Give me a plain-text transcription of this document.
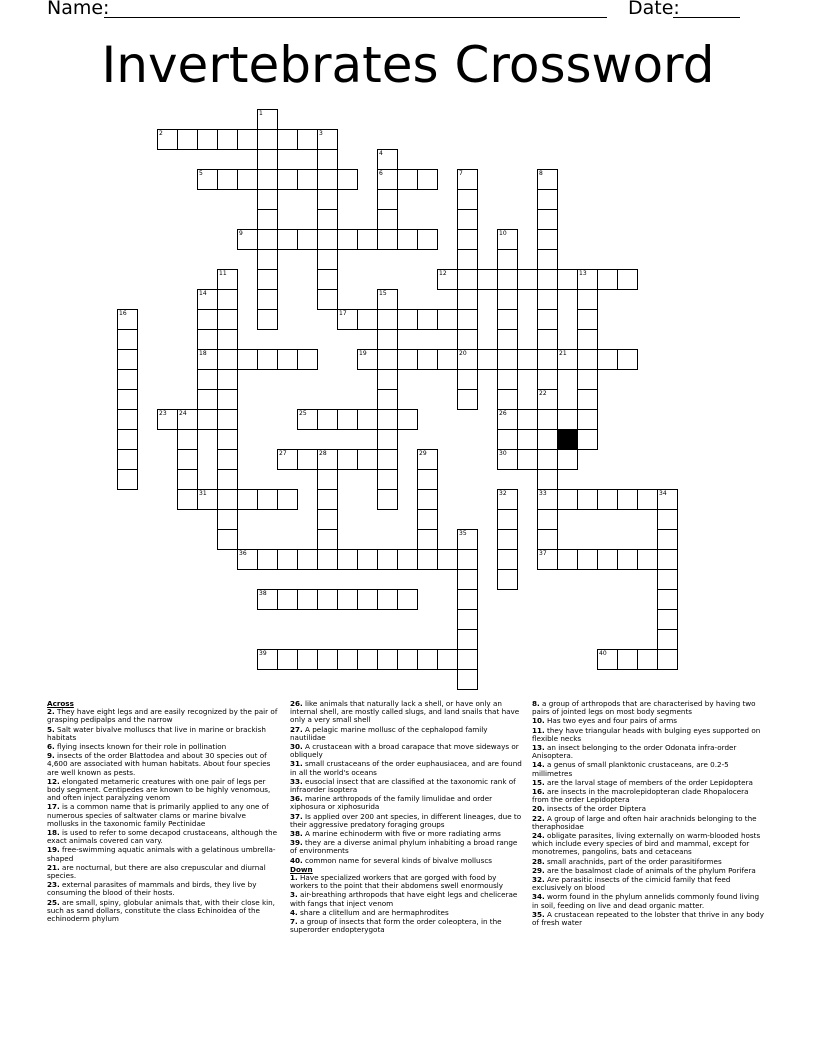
Name:	Date:
Invertebrates Crossword
1
2	3
4
6
5	7
20
8
22
9	10
26
11	12	13
14
18
15
16	17
19	21
33
23 24	25
27	28	29	30
31	32	34
35
36	37
38
39	40

Across

2. They have eight legs and are easily recognized by the pair of grasping pedipalps and the narrow

5. Salt water bivalve molluscs that live in marine or brackish habitats

6. flying insects known for their role in pollination

9. insects of the order Blattodea and about 30 species out of 4,600 are associated with human habitats. About four species are well known as pests.

12. elongated metameric creatures with one pair of legs per body segment. Centipedes are known to be highly venomous, and often inject paralyzing venom

17. is a common name that is primarily applied to any one of numerous species of saltwater clams or marine bivalve mollusks in the taxonomic family Pectinidae

18. is used to refer to some decapod crustaceans, although the exact animals covered can vary.

19. free-swimming aquatic animals with a gelatinous umbrella-shaped

21. are nocturnal, but there are also crepuscular and diurnal species.

23. external parasites of mammals and birds, they live by consuming the blood of their hosts.

25. are small, spiny, globular animals that, with their close kin, such as sand dollars, constitute the class Echinoidea of the echinoderm phylum

26. like animals that naturally lack a shell, or have only an internal shell, are mostly called slugs, and land snails that have only a very small shell

27. A pelagic marine mollusc of the cephalopod family nautilidae

30. A crustacean with a broad carapace that move sideways or obliquely

31. small crustaceans of the order euphausiacea, and are found in all the world's oceans

33. eusocial insect that are classified at the taxonomic rank of infraorder isoptera

36. marine arthropods of the family limulidae and order xiphosura or xiphosurida

37. Is applied over 200 ant species, in different lineages, due to their aggressive predatory foraging groups

38. A marine echinoderm with five or more radiating arms

39. they are a diverse animal phylum inhabiting a broad range of environments

40. common name for several kinds of bivalve molluscs

Down

1. Have specialized workers that are gorged with food by workers to the point that their abdomens swell enormously

3. air-breathing arthropods that have eight legs and chelicerae with fangs that inject venom

4. share a clitellum and are hermaphrodites

7. a group of insects that form the order coleoptera, in the superorder endopterygota

8. a group of arthropods that are characterised by having two pairs of jointed legs on most body segments

10. Has two eyes and four pairs of arms

11. they have triangular heads with bulging eyes supported on flexible necks

13. an insect belonging to the order Odonata infra-order Anisoptera.

14. a genus of small planktonic crustaceans, are 0.2-5 millimetres

15. are the larval stage of members of the order Lepidoptera

16. are insects in the macrolepidopteran clade Rhopalocera from the order Lepidoptera

20. insects of the order Diptera

22. A group of large and often hair arachnids belonging to the theraphosidae

24. obligate parasites, living externally on warm-blooded hosts which include every species of bird and mammal, except for monotremes, pangolins, bats and cetaceans

28. small arachnids, part of the order parasitiformes

29. are the basalmost clade of animals of the phylum Porifera

32. Are parasitic insects of the cimicid family that feed exclusively on blood

34. worm found in the phylum annelids commonly found living in soil, feeding on live and dead organic matter.

35. A crustacean repeated to the lobster that thrive in any body of fresh water
